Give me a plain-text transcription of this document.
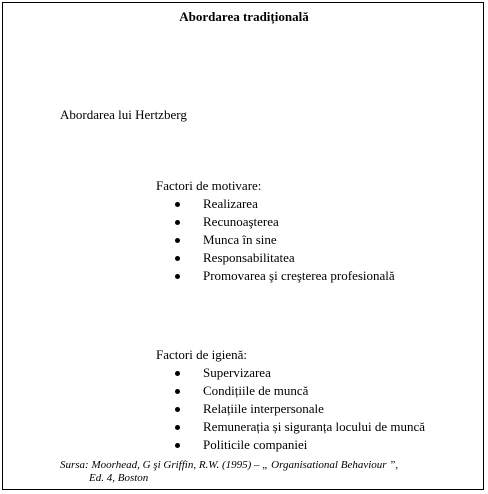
Abordarea tradițională
Abordarea lui Hertzberg
Factori de motivare:
Realizarea
Recunoaşterea
Munca în sine
Responsabilitatea
Promovarea şi creşterea profesională
Factori de igienă:
Supervizarea
Condițiile de muncă
Relațiile interpersonale
Remunerația și siguranța locului de muncă
Politicile companiei
Sursa: Moorhead, G şi Griffin, R.W. (1995) – „ Organisational Behaviour ”,
Ed. 4, Boston
